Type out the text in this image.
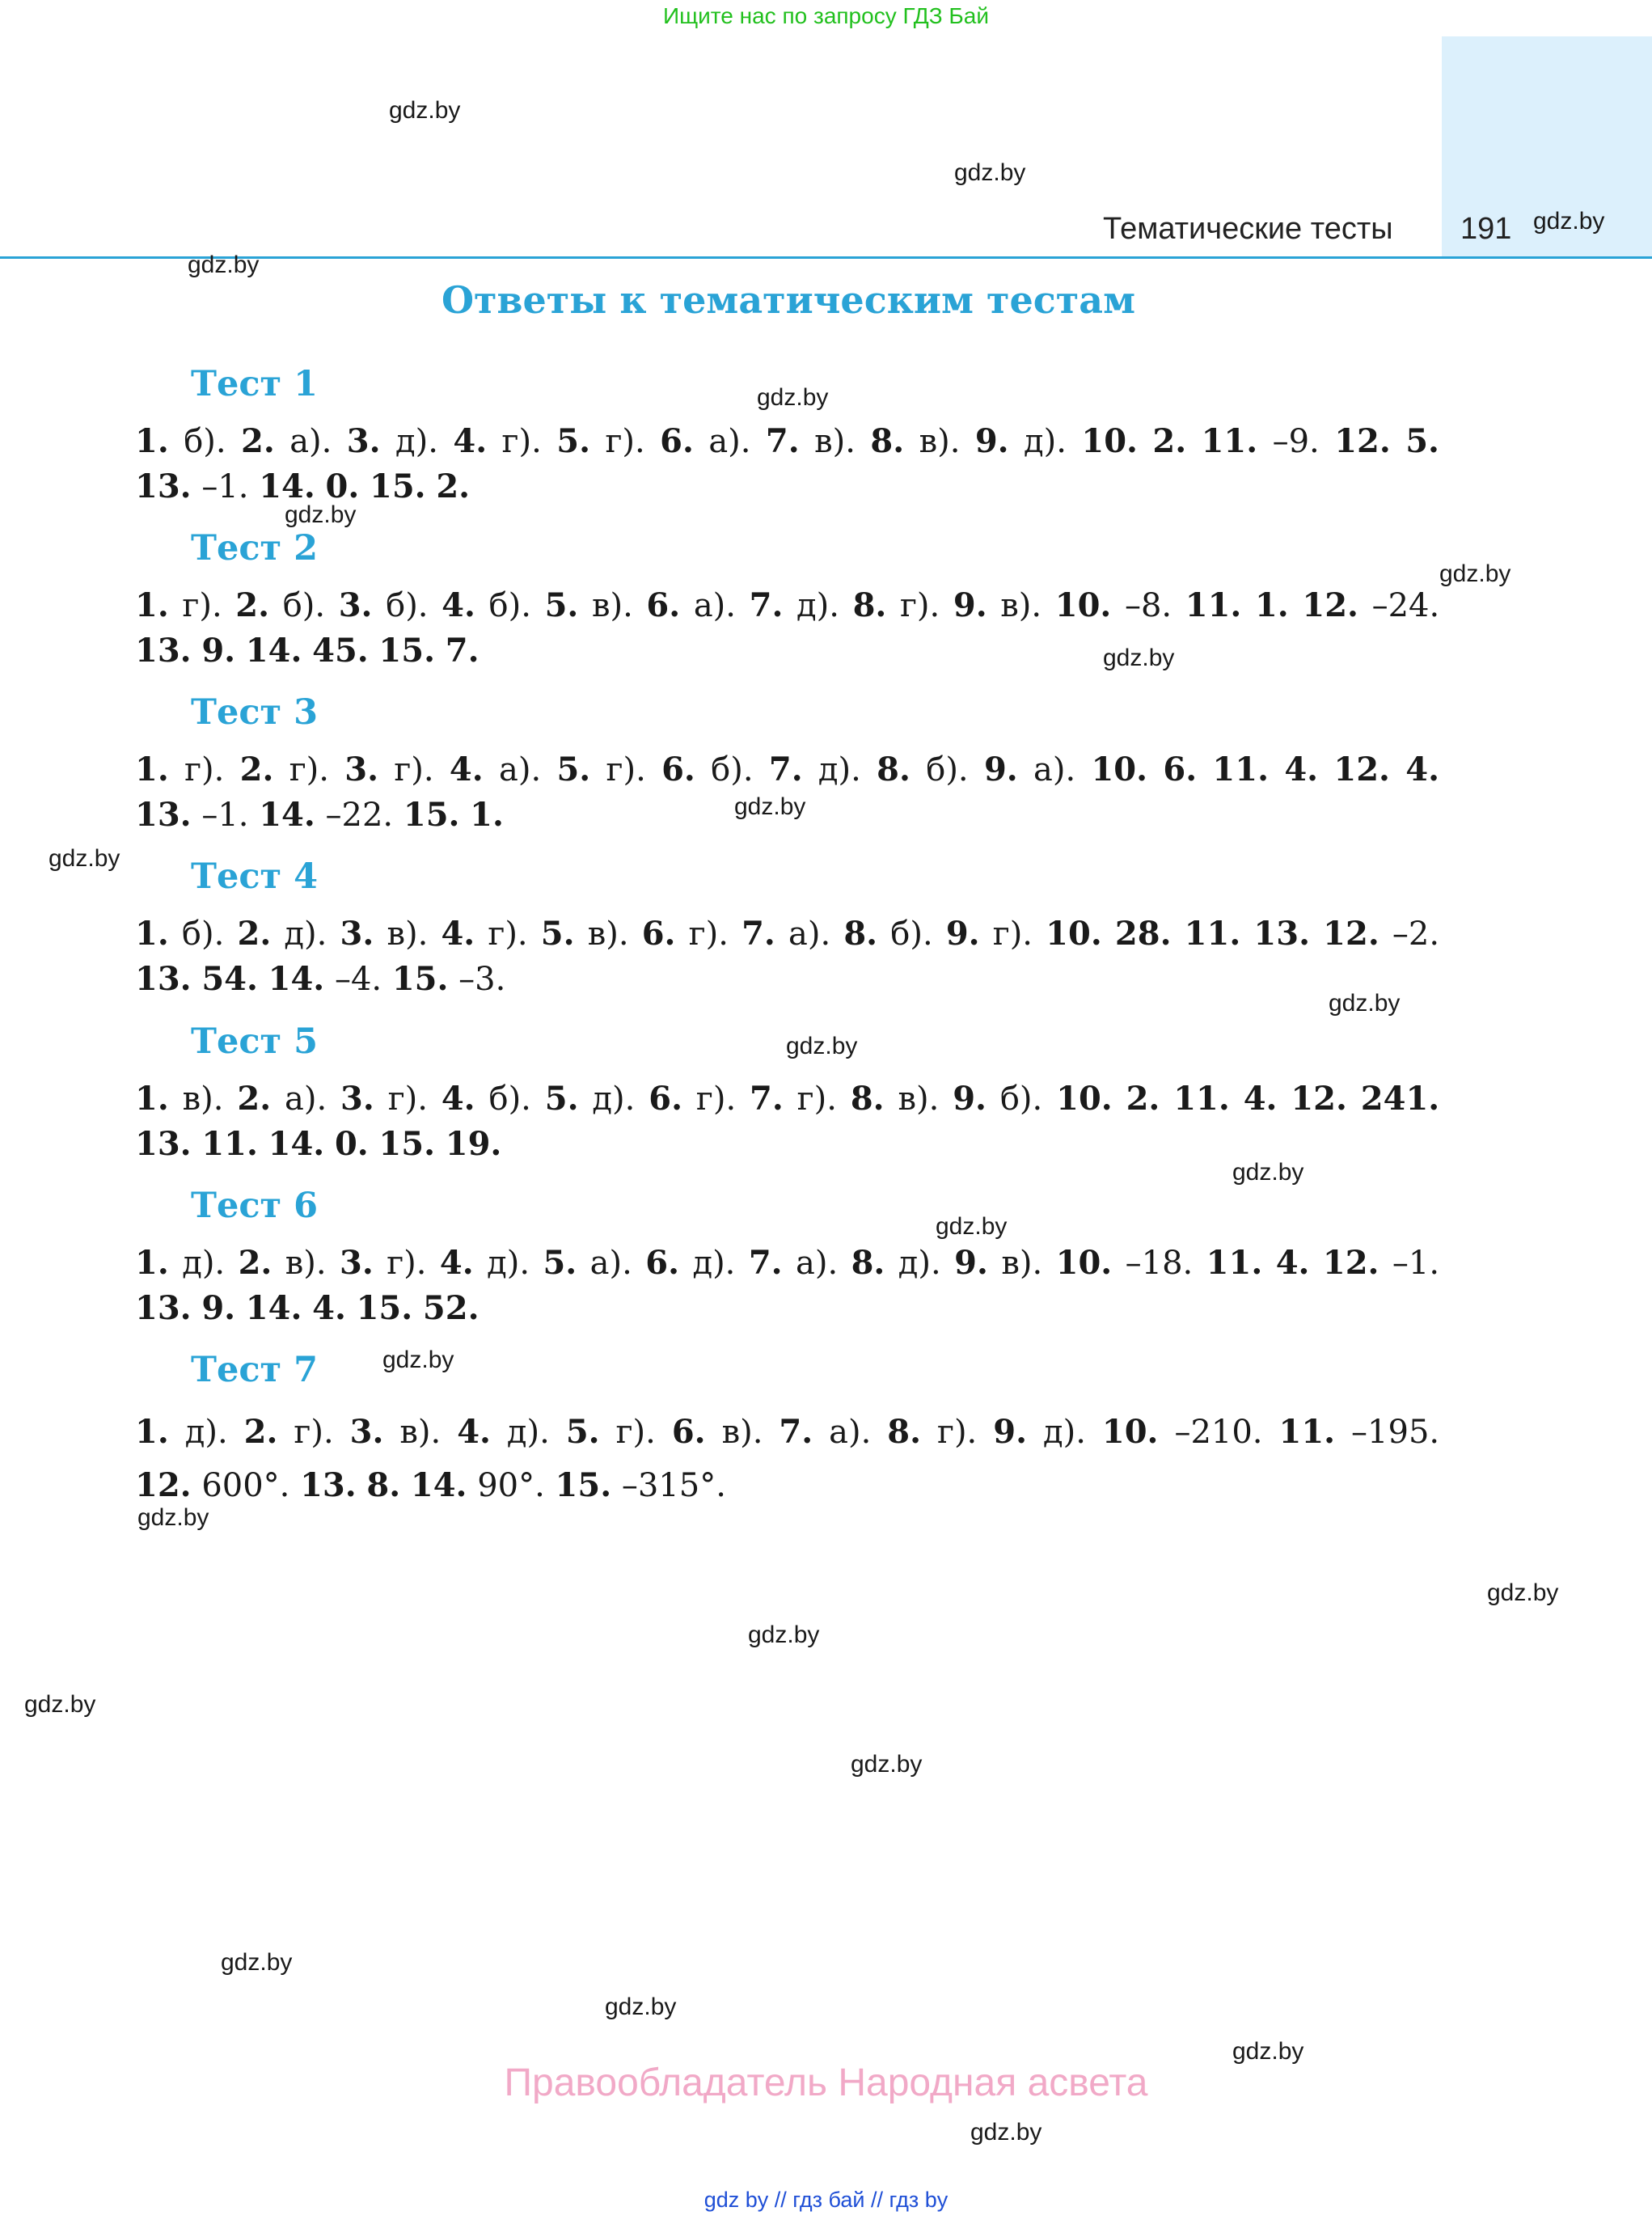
Ищите нас по запросу ГДЗ Бай
Тематические тесты 191
Ответы к тематическим тестам
Тест 1
1. б). 2. а). 3. д). 4. г). 5. г). 6. а). 7. в). 8. в). 9. д). 10. 2. 11. –9. 12. 5.
13. –1. 14. 0. 15. 2.
Тест 2
1. г). 2. б). 3. б). 4. б). 5. в). 6. а). 7. д). 8. г). 9. в). 10. –8. 11. 1. 12. –24.
13. 9. 14. 45. 15. 7.
Тест 3
1. г). 2. г). 3. г). 4. а). 5. г). 6. б). 7. д). 8. б). 9. а). 10. 6. 11. 4. 12. 4.
13. –1. 14. –22. 15. 1.
Тест 4
1. б). 2. д). 3. в). 4. г). 5. в). 6. г). 7. а). 8. б). 9. г). 10. 28. 11. 13. 12. –2.
13. 54. 14. –4. 15. –3.
Тест 5
1. в). 2. а). 3. г). 4. б). 5. д). 6. г). 7. г). 8. в). 9. б). 10. 2. 11. 4. 12. 241.
13. 11. 14. 0. 15. 19.
Тест 6
1. д). 2. в). 3. г). 4. д). 5. а). 6. д). 7. а). 8. д). 9. в). 10. –18. 11. 4. 12. –1.
13. 9. 14. 4. 15. 52.
Тест 7
1. д). 2. г). 3. в). 4. д). 5. г). 6. в). 7. а). 8. г). 9. д). 10. –210. 11. –195.
12. 600°. 13. 8. 14. 90°. 15. –315°.
gdz.by
gdz.by
gdz.by
gdz.by
gdz.by
gdz.by
gdz.by
gdz.by
gdz.by
gdz.by
gdz.by
gdz.by
gdz.by
gdz.by
gdz.by
gdz.by
gdz.by
gdz.by
gdz.by
gdz.by
gdz.by
gdz.by
gdz.by
gdz.by
Правообладатель Народная асвета
gdz by // гдз бай // гдз by
